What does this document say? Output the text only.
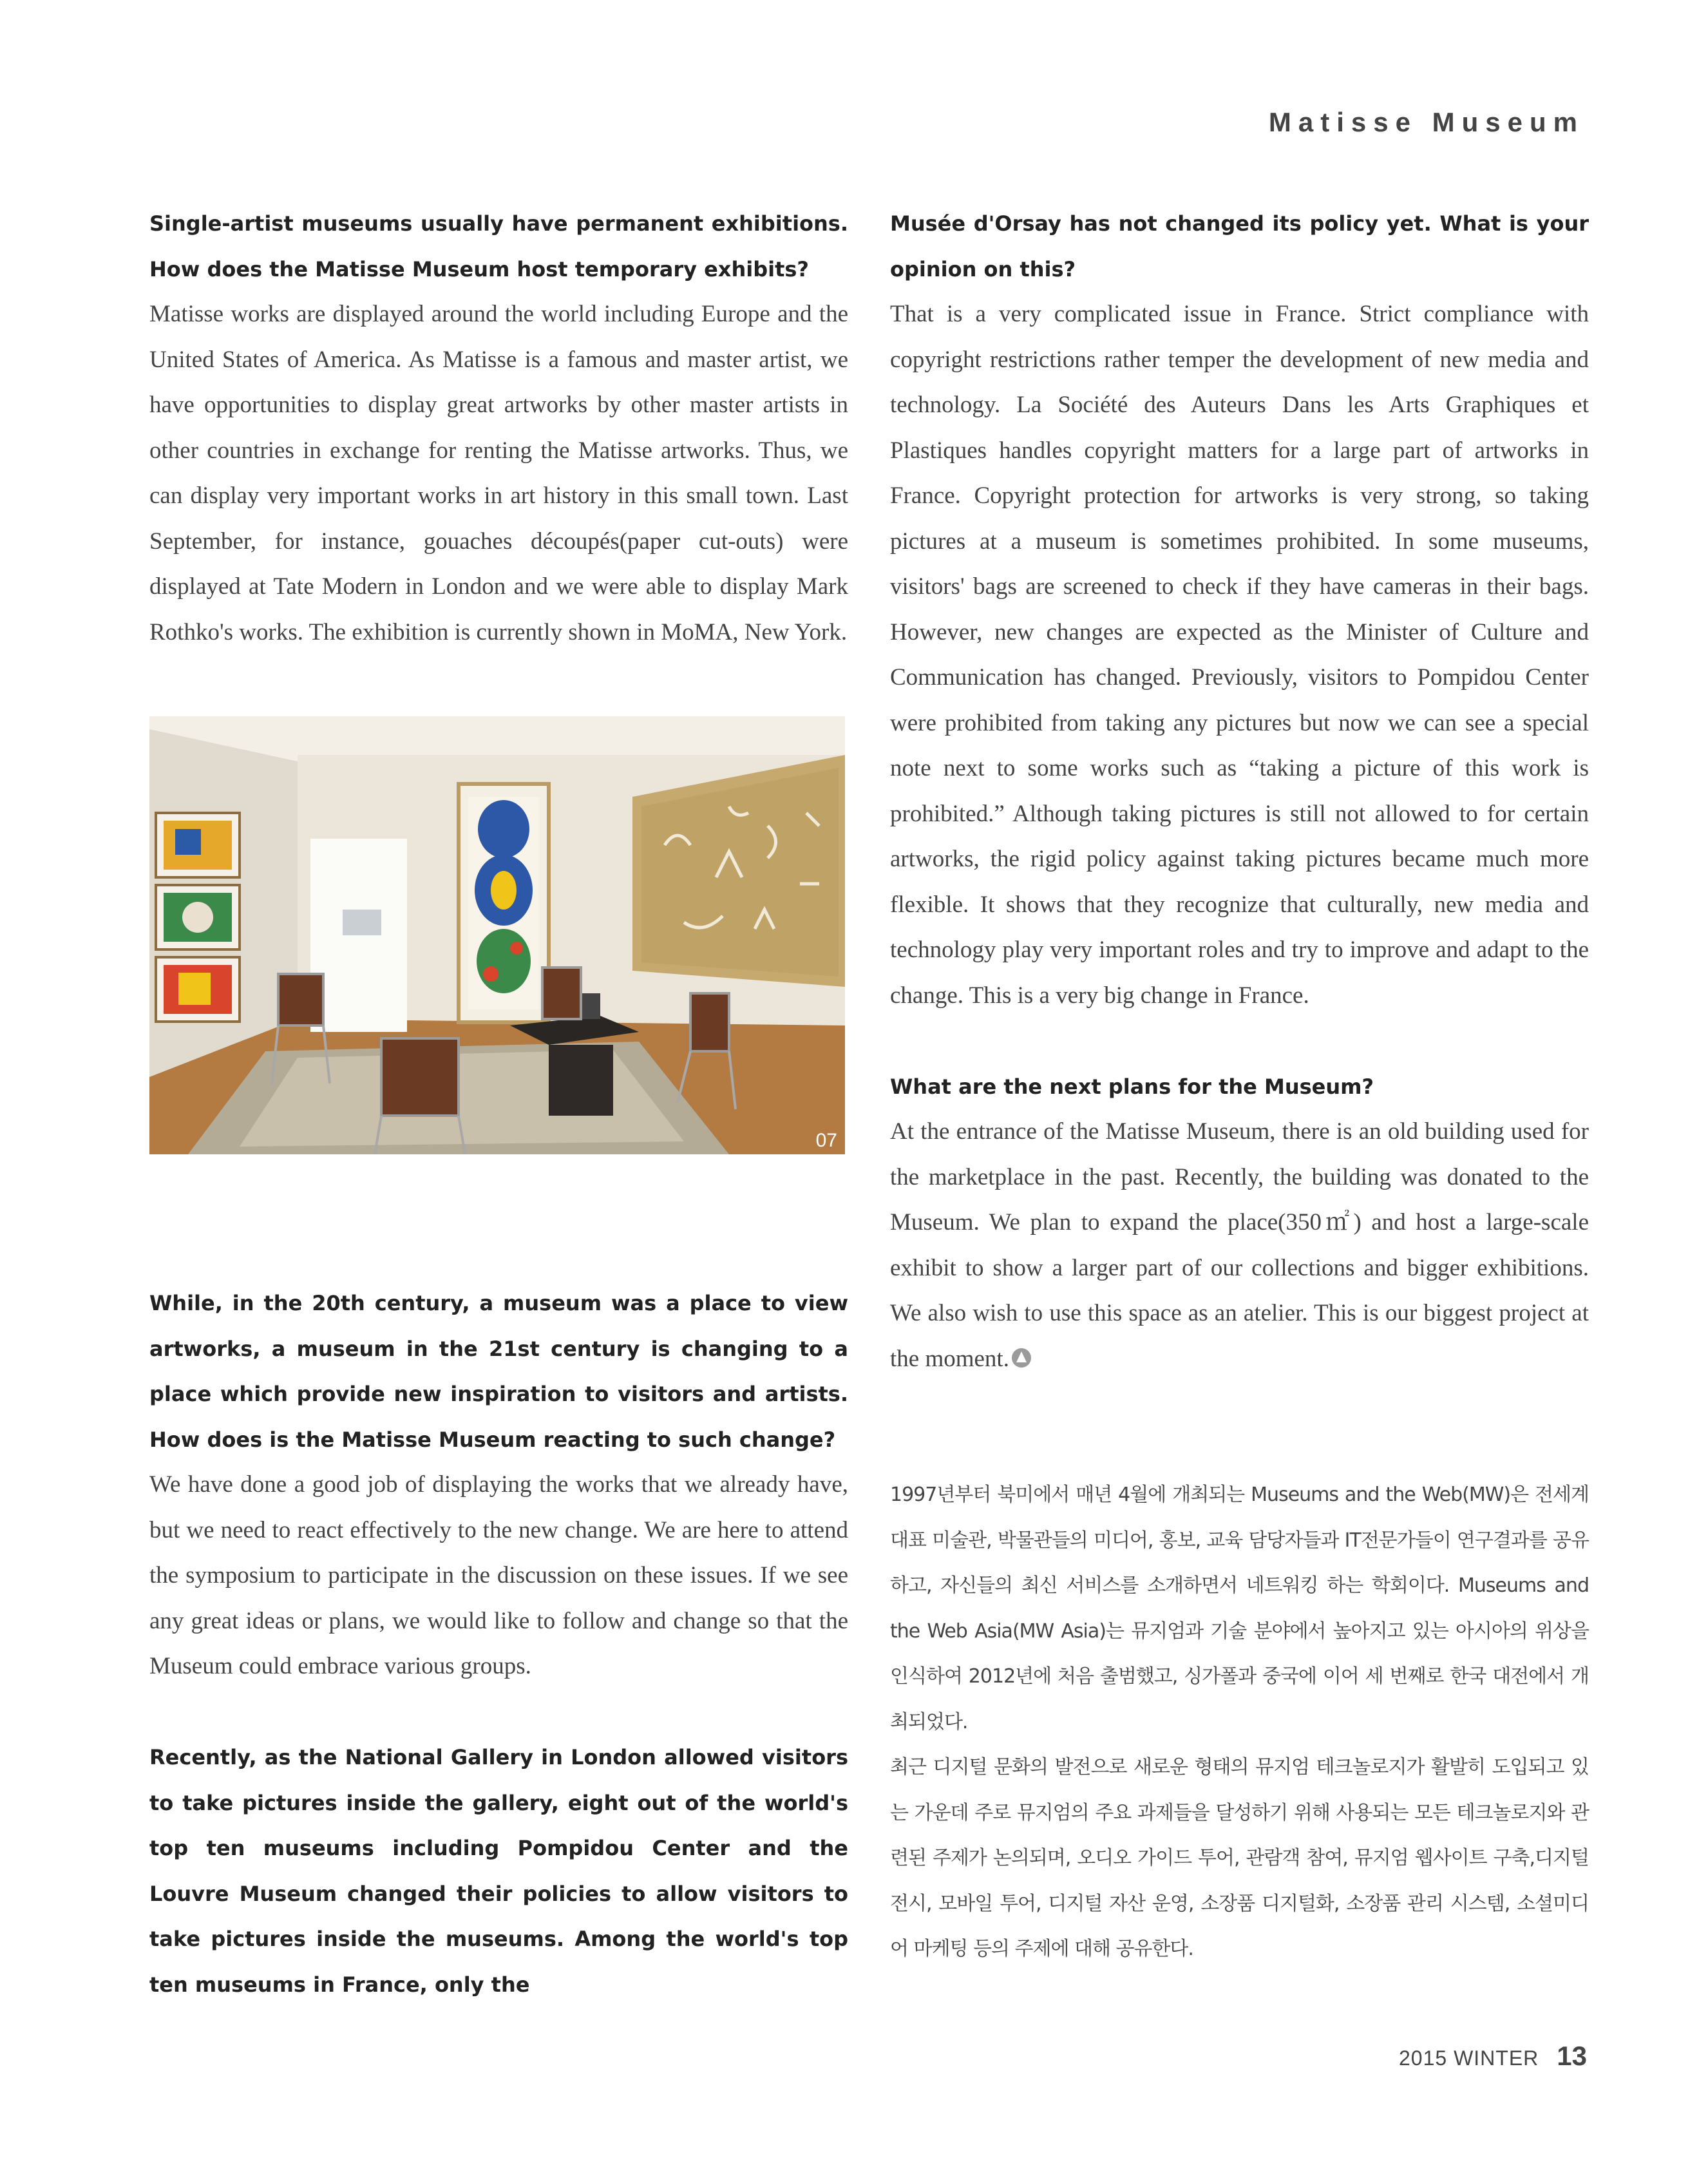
Matisse Museum

Single-artist museums usually have permanent exhibitions. How does the Matisse Museum host temporary exhibits?

Matisse works are displayed around the world including Europe and the United States of America. As Matisse is a famous and master artist, we have opportunities to display great artworks by other master artists in other countries in exchange for renting the Matisse artworks. Thus, we can display very important works in art history in this small town. Last September, for instance, gouaches découpés(paper cut-outs) were displayed at Tate Modern in London and we were able to display Mark Rothko's works. The exhibition is currently shown in MoMA, New York.

07

While, in the 20th century, a museum was a place to view artworks, a museum in the 21st century is changing to a place which provide new inspiration to visitors and artists. How does is the Matisse Museum reacting to such change?

We have done a good job of displaying the works that we already have, but we need to react effectively to the new change. We are here to attend the symposium to participate in the discussion on these issues. If we see any great ideas or plans, we would like to follow and change so that the Museum could embrace various groups.

Recently, as the National Gallery in London allowed visitors to take pictures inside the gallery, eight out of the world's top ten museums including Pompidou Center and the Louvre Museum changed their policies to allow visitors to take pictures inside the museums. Among the world's top ten museums in France, only the

Musée d'Orsay has not changed its policy yet. What is your opinion on this?

That is a very complicated issue in France. Strict compliance with copyright restrictions rather temper the development of new media and technology. La Société des Auteurs Dans les Arts Graphiques et Plastiques handles copyright matters for a large part of artworks in France. Copyright protection for artworks is very strong, so taking pictures at a museum is sometimes prohibited. In some museums, visitors' bags are screened to check if they have cameras in their bags. However, new changes are expected as the Minister of Culture and Communication has changed. Previously, visitors to Pompidou Center were prohibited from taking any pictures but now we can see a special note next to some works such as “taking a picture of this work is prohibited.” Although taking pictures is still not allowed to for certain artworks, the rigid policy against taking pictures became much more flexible. It shows that they recognize that culturally, new media and technology play very important roles and try to improve and adapt to the change. This is a very big change in France.

What are the next plans for the Museum?

At the entrance of the Matisse Museum, there is an old building used for the marketplace in the past. Recently, the building was donated to the Museum. We plan to expand the place(350㎡) and host a large-scale exhibit to show a larger part of our collections and bigger exhibitions. We also wish to use this space as an atelier. This is our biggest project at the moment.

1997년부터 북미에서 매년 4월에 개최되는 Museums and the Web(MW)은 전세계 대표 미술관, 박물관들의 미디어, 홍보, 교육 담당자들과 IT전문가들이 연구결과를 공유하고, 자신들의 최신 서비스를 소개하면서 네트워킹 하는 학회이다. Museums and the Web Asia(MW Asia)는 뮤지엄과 기술 분야에서 높아지고 있는 아시아의 위상을 인식하여 2012년에 처음 출범했고, 싱가폴과 중국에 이어 세 번째로 한국 대전에서 개최되었다.

최근 디지털 문화의 발전으로 새로운 형태의 뮤지엄 테크놀로지가 활발히 도입되고 있는 가운데 주로 뮤지엄의 주요 과제들을 달성하기 위해 사용되는 모든 테크놀로지와 관련된 주제가 논의되며, 오디오 가이드 투어, 관람객 참여, 뮤지엄 웹사이트 구축,디지털 전시, 모바일 투어, 디지털 자산 운영, 소장품 디지털화, 소장품 관리 시스템, 소셜미디어 마케팅 등의 주제에 대해 공유한다.

2015 WINTER 13
